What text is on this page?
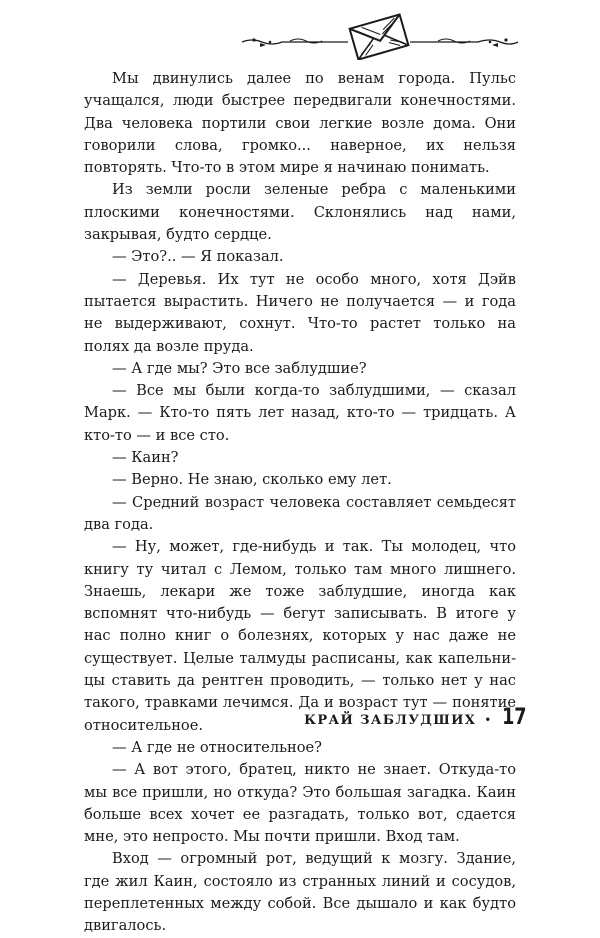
Мы двинулись далее по венам города. Пульс учащался, люди быстрее передвигали конечностями. Два человека портили свои легкие возле дома. Они говорили слова, громко... наверное, их нельзя повторять. Что-то в этом мире я начинаю понимать.

Из земли росли зеленые ребра с маленькими плоскими конечностями. Склонялись над нами, закрывая, будто сердце.

— Это?.. — Я показал.

— Деревья. Их тут не особо много, хотя Дэйв пытается вырастить. Ничего не получается — и года не выдерживают, сохнут. Что-то растет только на полях да возле пруда.

— А где мы? Это все заблудшие?

— Все мы были когда-то заблудшими, — сказал Марк. — Кто-то пять лет назад, кто-то — тридцать. А кто-то — и все сто.

— Каин?

— Верно. Не знаю, сколько ему лет.

— Средний возраст человека составляет семьдесят два года.

— Ну, может, где-нибудь и так. Ты молодец, что книгу ту читал с Лемом, только там много лишнего. Знаешь, лекари же тоже заблудшие, иногда как вспомнят что-нибудь — бегут записывать. В итоге у нас полно книг о болезнях, которых у нас даже не существует. Целые талмуды расписаны, как капельницы ставить да рентген проводить, — только нет у нас такого, травками лечимся. Да и возраст тут — понятие относительное.

— А где не относительное?

— А вот этого, братец, никто не знает. Откуда-то мы все пришли, но откуда? Это большая загадка. Каин больше всех хочет ее разгадать, только вот, сдается мне, это непросто. Мы почти пришли. Вход там.

Вход — огромный рот, ведущий к мозгу. Здание, где жил Каин, состояло из странных линий и сосудов, переплетенных между собой. Все дышало и как будто двигалось.

КРАЙ ЗАБЛУДШИХ • 17
